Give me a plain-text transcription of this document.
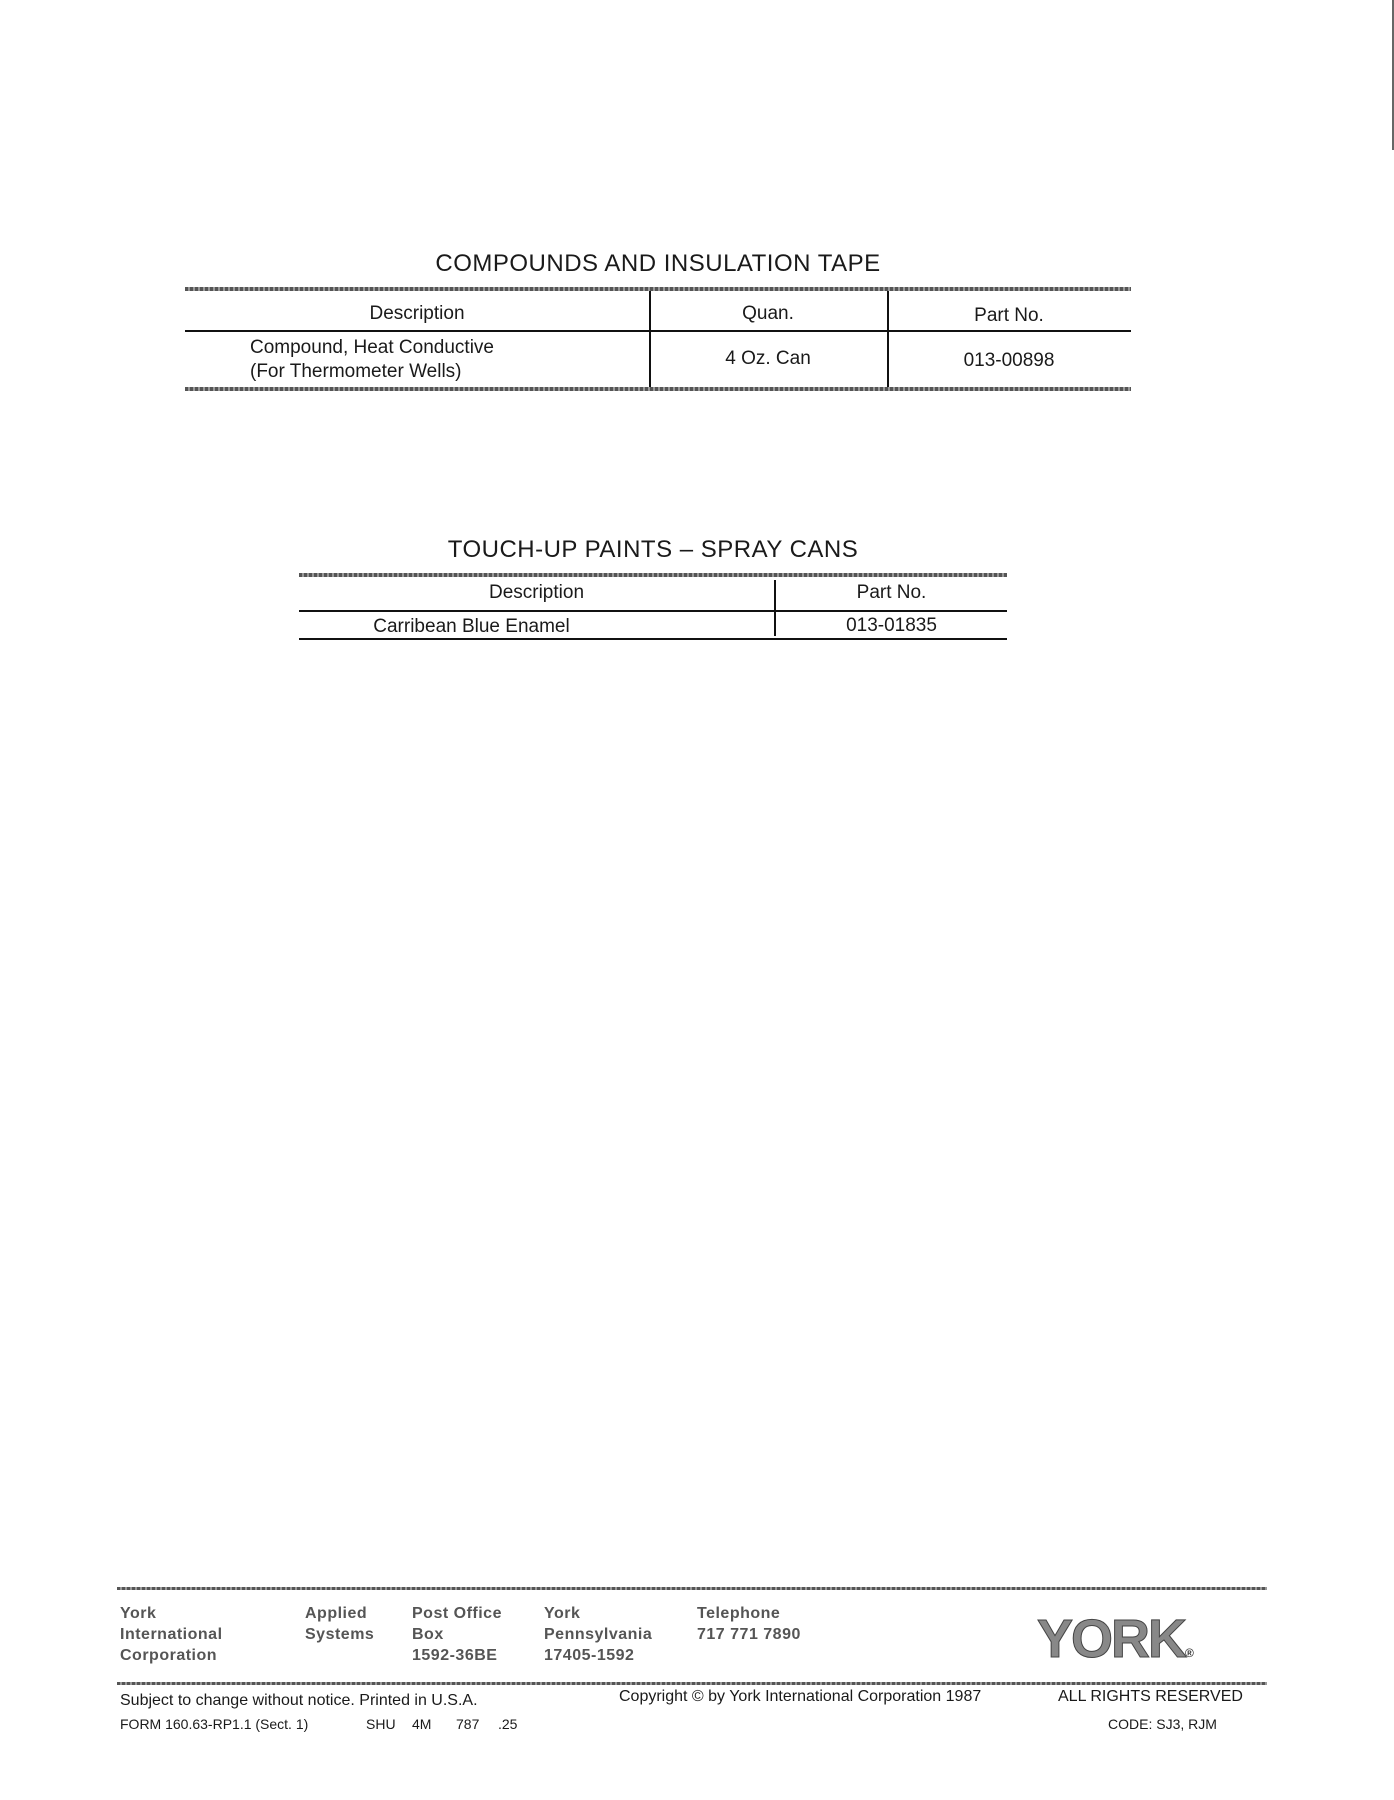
COMPOUNDS AND INSULATION TAPE
Description	Quan.	Part No.
Compound, Heat Conductive
(For Thermometer Wells)
4 Oz. Can	013-00898
TOUCH-UP PAINTS – SPRAY CANS
Description	Part No.
Carribean Blue Enamel	013-01835
York
International
Corporation
Applied
Systems
Post Office
Box
1592-36BE
York
Pennsylvania
17405-1592
Telephone
717 771 7890	YORK®
Subject to change without notice. Printed in U.S.A.
FORM 160.63-RP1.1 (Sect. 1)	SHU 4M 787 .25
Copyright © by York International Corporation 1987	ALL RIGHTS RESERVED
CODE: SJ3, RJM
